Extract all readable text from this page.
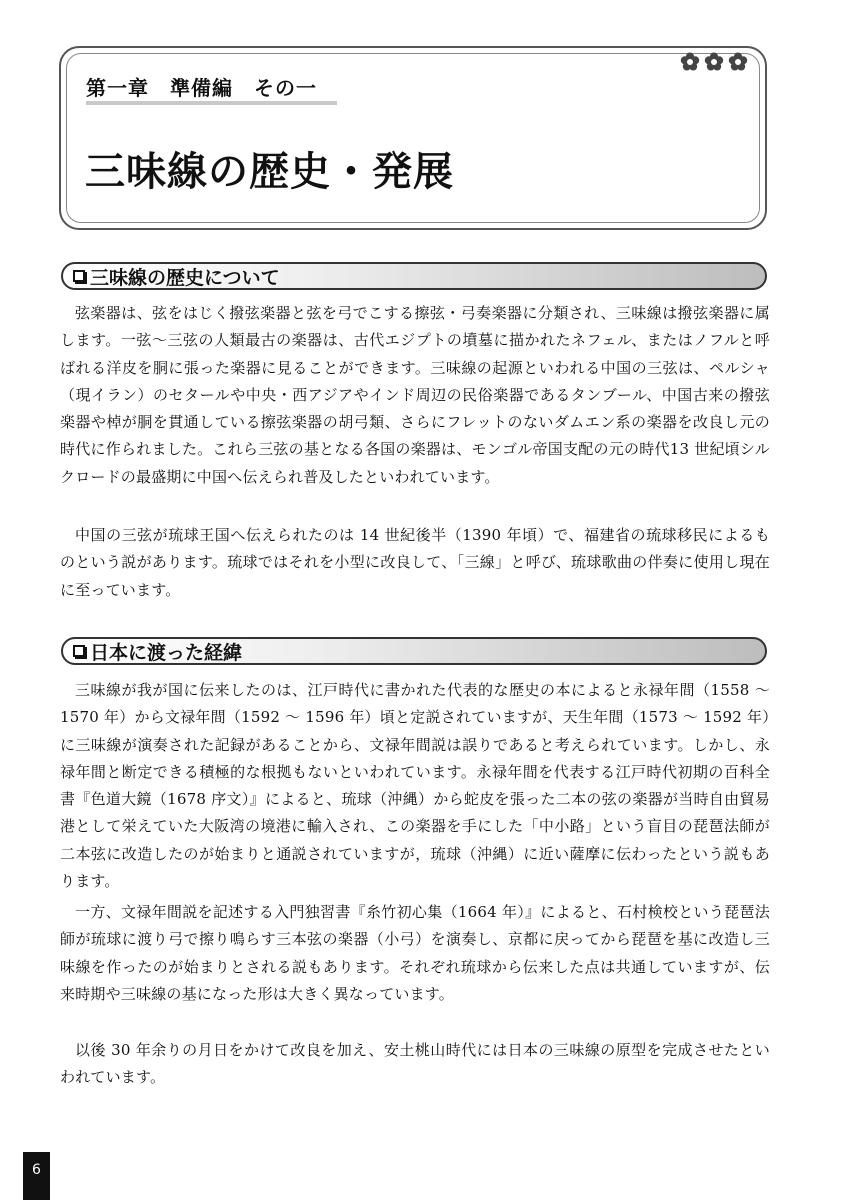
第一章　準備編　その一
三味線の歴史・発展
三味線の歴史について
弦楽器は、弦をはじく撥弦楽器と弦を弓でこする擦弦・弓奏楽器に分類され、三味線は撥弦楽器に属します。一弦～三弦の人類最古の楽器は、古代エジプトの墳墓に描かれたネフェル、またはノフルと呼ばれる洋皮を胴に張った楽器に見ることができます。三味線の起源といわれる中国の三弦は、ペルシャ（現イラン）のセタールや中央・西アジアやインド周辺の民俗楽器であるタンブール、中国古来の撥弦楽器や棹が胴を貫通している擦弦楽器の胡弓類、さらにフレットのないダムエン系の楽器を改良し元の時代に作られました。これら三弦の基となる各国の楽器は、モンゴル帝国支配の元の時代13 世紀頃シルクロードの最盛期に中国へ伝えられ普及したといわれています。
中国の三弦が琉球王国へ伝えられたのは 14 世紀後半（1390 年頃）で、福建省の琉球移民によるものという説があります。琉球ではそれを小型に改良して、「三線」と呼び、琉球歌曲の伴奏に使用し現在に至っています。
日本に渡った経緯
三味線が我が国に伝来したのは、江戸時代に書かれた代表的な歴史の本によると永禄年間（1558 ～ 1570 年）から文禄年間（1592 ～ 1596 年）頃と定説されていますが、天生年間（1573 ～ 1592 年）に三味線が演奏された記録があることから、文禄年間説は誤りであると考えられています。しかし、永禄年間と断定できる積極的な根拠もないといわれています。永禄年間を代表する江戸時代初期の百科全書『色道大鏡（1678 序文）』によると、琉球（沖縄）から蛇皮を張った二本の弦の楽器が当時自由貿易港として栄えていた大阪湾の境港に輸入され、この楽器を手にした「中小路」という盲目の琵琶法師が二本弦に改造したのが始まりと通説されていますが，琉球（沖縄）に近い薩摩に伝わったという説もあります。
一方、文禄年間説を記述する入門独習書『糸竹初心集（1664 年）』によると、石村検校という琵琶法師が琉球に渡り弓で擦り鳴らす三本弦の楽器（小弓）を演奏し、京都に戻ってから琵琶を基に改造し三味線を作ったのが始まりとされる説もあります。それぞれ琉球から伝来した点は共通していますが、伝来時期や三味線の基になった形は大きく異なっています。
以後 30 年余りの月日をかけて改良を加え、安土桃山時代には日本の三味線の原型を完成させたといわれています。
6
